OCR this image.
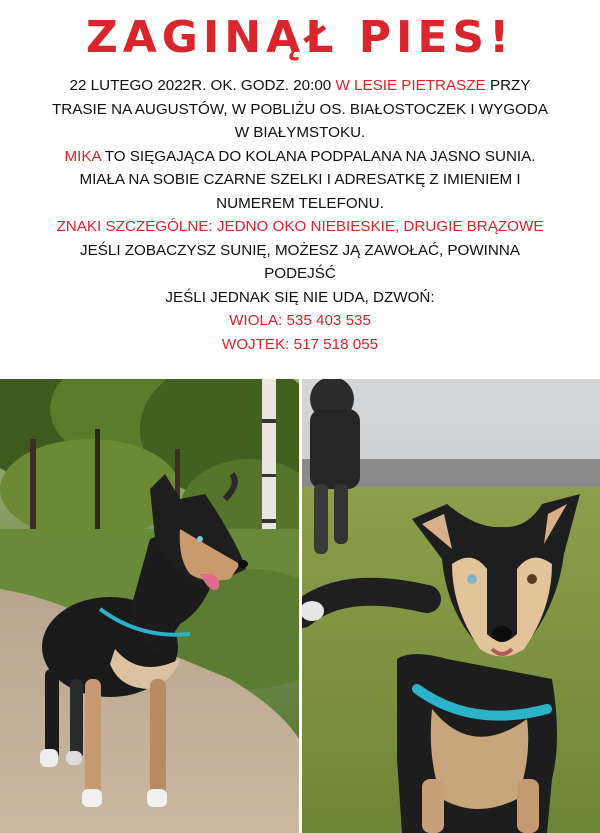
ZAGINĄŁ PIES!

22 LUTEGO 2022R. OK. GODZ. 20:00 W LESIE PIETRASZE PRZY

TRASIE NA AUGUSTÓW, W POBLIŻU OS. BIAŁOSTOCZEK I WYGODA

W BIAŁYMSTOKU.

MIKA TO SIĘGAJĄCA DO KOLANA PODPALANA NA JASNO SUNIA.

MIAŁA NA SOBIE CZARNE SZELKI I ADRESATKĘ Z IMIENIEM I

NUMEREM TELEFONU.

ZNAKI SZCZEGÓLNE: JEDNO OKO NIEBIESKIE, DRUGIE BRĄZOWE

JEŚLI ZOBACZYSZ SUNIĘ, MOŻESZ JĄ ZAWOŁAĆ, POWINNA

PODEJŚĆ

JEŚLI JEDNAK SIĘ NIE UDA, DZWOŃ:

WIOLA: 535 403 535

WOJTEK: 517 518 055
